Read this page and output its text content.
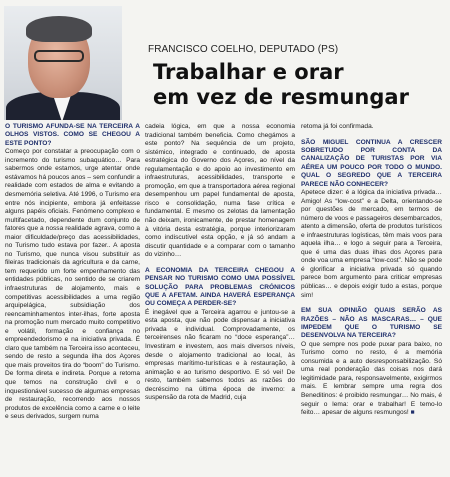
FRANCISCO COELHO, DEPUTADO (PS)
Trabalhar e orar
em vez de resmungar

O TURISMO AFUNDA-SE NA TERCEIRA A OLHOS VISTOS. COMO SE CHEGOU A ESTE PONTO?

Começo por constatar a preocupação com o incremento do turismo subaquático… Para sabermos onde estamos, urge atentar onde estávamos há poucos anos – sem confundir a realidade com estados de alma e evitando a desmemória seletiva. Até 1996, o Turismo era entre nós incipiente, embora já enfeitasse alguns papéis oficiais. Fenómeno complexo e multifacetado, dependente dum conjunto de fatores que a nossa realidade agrava, como a maior dificuldade/preço das acessibilidades, no Turismo tudo estava por fazer.. A aposta no Turismo, que nunca visou substituir as fileiras tradicionais da agricultura e da carne, tem requerido um forte empenhamento das entidades públicas, no sentido de se criarem infraestruturas de alojamento, mais e competitivas acessibilidades a uma região arquipelágica, subsidiação dos reencaminhamentos inter-ilhas, forte aposta na promoção num mercado muito competitivo e volátil, formação e confiança no empreendedorismo e na iniciativa privada. É claro que também na Terceira isso aconteceu, sendo de resto a segunda ilha dos Açores que mais proveitos tira do “boom” do Turismo. De forma direta e indireta. Porque a retoma que temos na construção civil e o inquestionável sucesso de algumas empresas de restauração, recorrendo aos nossos produtos de excelência como a carne e o leite e seus derivados, surgem numa

cadeia lógica, em que a nossa economia tradicional também beneficia. Como chegámos a este ponto? Na sequência de um projeto, sistémico, integrado e continuado, de aposta estratégica do Governo dos Açores, ao nível da regulamentação e do apoio ao investimento em infraestruturas, acessibilidades, transporte e promoção, em que a transportadora aérea regional desempenhou um papel fundamental de aposta, risco e consolidação, numa fase crítica e fundamental. E mesmo os zelotas da lamentação não deixam, ironicamente, de prestar homenagem à vitória desta estratégia, porque interiorizaram como indiscutível esta opção, e já só andam a discutir quantidade e a comparar com o tamanho do vizinho…

A ECONOMIA DA TERCEIRA CHEGOU A PENSAR NO TURISMO COMO UMA POSSÍVEL SOLUÇÃO PARA PROBLEMAS CRÓNICOS QUE A AFETAM. AINDA HAVERÁ ESPERANÇA OU COMEÇA A PERDER-SE?

É inegável que a Terceira agarrou e juntou-se a esta aposta, que não pode dispensar a iniciativa privada e individual. Comprovadamente, os terceirenses não ficaram no “doce esperança”… Investiram e investem, aos mais diversos níveis, desde o alojamento tradicional ao local, às empresas marítimo-turísticas e à restauração, à animação e ao turismo desportivo. E só vei! De resto, também sabemos todos as razões do decréscimo na última época de inverno: a suspensão da rota de Madrid, cuja

retoma já foi confirmada.

SÃO MIGUEL CONTINUA A CRESCER SOBRETUDO POR CONTA DA CANALIZAÇÃO DE TURISTAS POR VIA AÉREA UM POUCO POR TODO O MUNDO. QUAL O SEGREDO QUE A TERCEIRA PARECE NÃO CONHECER?

Apetece dizer: é a lógica da iniciativa privada… Amigo! As “low-cost” e a Delta, orientando-se por questões de mercado, em termos de número de voos e passageiros desembarcados, atento a dimensão, oferta de produtos turísticos e infraestruturas logísticas, têm mais voos para aquela ilha… e logo a seguir para a Terceira, que é uma das duas ilhas dos Açores para onde voa uma empresa “low-cost”. Não se pode é glorificar a iniciativa privada só quando parece bom argumento para criticar empresas públicas… e depois exigir tudo a estas, porque sim!

EM SUA OPINIÃO QUAIS SERÃO AS RAZÕES – NÃO AS MASCARAS… – QUE IMPEDEM QUE O TURISMO SE DESENVOLVA NA TERCEIRA?

O que sempre nos pode puxar para baixo, no Turismo como no resto, é a memória consumida e a auto desresponsabilização. Só uma real ponderação das coisas nos dará legitimidade para, responsavelmente, exigirmos mais. E lembrar sempre uma regra dos Beneditinos: é proibido resmungar… No mais, é seguir o lema: orar e trabalhar! E temo-lo feito… apesar de alguns resmungos! ■
